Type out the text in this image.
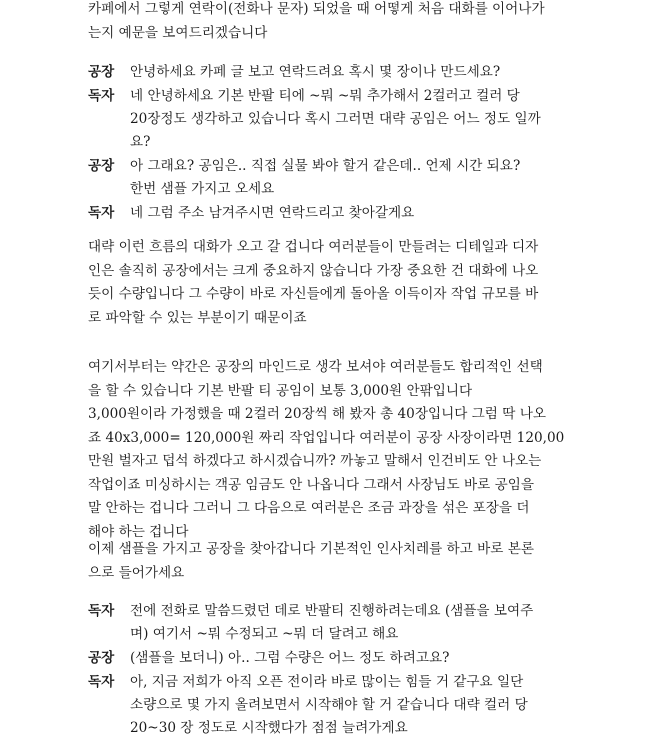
카페에서 그렇게 연락이(전화나 문자) 되었을 때 어떻게 처음 대화를 이어나가
는지 예문을 보여드리겠습니다
공장	안녕하세요 카페 글 보고 연락드려요 혹시 몇 장이나 만드세요?
독자	네 안녕하세요 기본 반팔 티에 ~뭐 ~뭐 추가해서 2컬러고 컬러 당
20장정도 생각하고 있습니다 혹시 그러면 대략 공임은 어느 정도 일까
요?
공장	아 그래요? 공임은.. 직접 실물 봐야 할거 같은데.. 언제 시간 되요?
한번 샘플 가지고 오세요
독자	네 그럼 주소 남겨주시면 연락드리고 찾아갈게요
대략 이런 흐름의 대화가 오고 갈 겁니다 여러분들이 만들려는 디테일과 디자
인은 솔직히 공장에서는 크게 중요하지 않습니다 가장 중요한 건 대화에 나오
듯이 수량입니다 그 수량이 바로 자신들에게 돌아올 이득이자 작업 규모를 바
로 파악할 수 있는 부분이기 때문이죠
여기서부터는 약간은 공장의 마인드로 생각 보셔야 여러분들도 합리적인 선택
을 할 수 있습니다 기본 반팔 티 공임이 보통 3,000원 안팎입니다
3,000원이라 가정했을 때 2컬러 20장씩 해 봤자 총 40장입니다 그럼 딱 나오
죠 40x3,000= 120,000원 짜리 작업입니다 여러분이 공장 사장이라면 120,00
만원 벌자고 덥석 하겠다고 하시겠습니까? 까놓고 말해서 인건비도 안 나오는
작업이죠 미싱하시는 객공 임금도 안 나옵니다 그래서 사장님도 바로 공임을
말 안하는 겁니다 그러니 그 다음으로 여러분은 조금 과장을 섞은 포장을 더
해야 하는 겁니다
이제 샘플을 가지고 공장을 찾아갑니다 기본적인 인사치레를 하고 바로 본론
으로 들어가세요
독자	전에 전화로 말씀드렸던 데로 반팔티 진행하려는데요 (샘플을 보여주
며) 여기서 ~뭐 수정되고 ~뭐 더 달려고 해요
공장	(샘플을 보더니) 아.. 그럼 수량은 어느 정도 하려고요?
독자	아, 지금 저희가 아직 오픈 전이라 바로 많이는 힘들 거 같구요 일단
소량으로 몇 가지 올려보면서 시작해야 할 거 같습니다 대략 컬러 당
20~30 장 정도로 시작했다가 점점 늘려가게요
